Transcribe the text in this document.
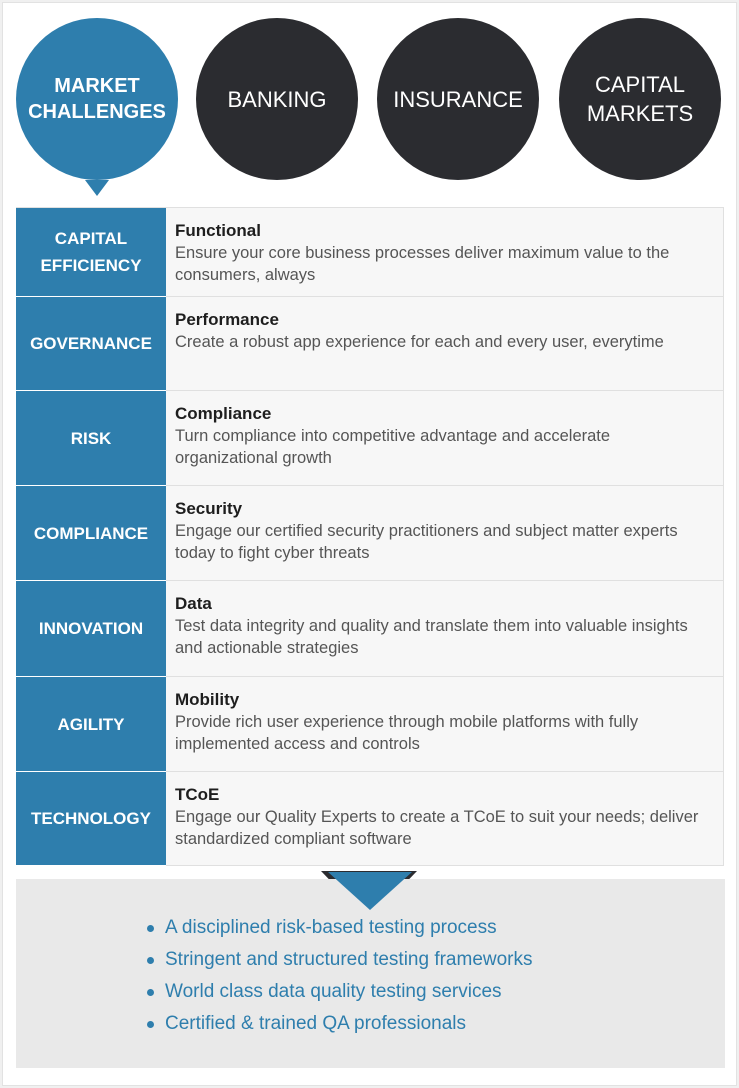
MARKET
CHALLENGES
BANKING	INSURANCE
CAPITAL
MARKETS
CAPITAL
EFFICIENCY
Functional
Ensure your core business processes deliver maximum value to the consumers, always
GOVERNANCE
Performance
Create a robust app experience for each and every user, everytime
RISK
Compliance
Turn compliance into competitive advantage and accelerate organizational growth
COMPLIANCE
Security
Engage our certified security practitioners and subject matter experts today to fight cyber threats
INNOVATION
Data
Test data integrity and quality and translate them into valuable insights and actionable strategies
AGILITY
Mobility
Provide rich user experience through mobile platforms with fully implemented access and controls
TECHNOLOGY
TCoE
Engage our Quality Experts to create a TCoE to suit your needs; deliver standardized compliant software
A disciplined risk-based testing process
Stringent and structured testing frameworks
World class data quality testing services
Certified & trained QA professionals
